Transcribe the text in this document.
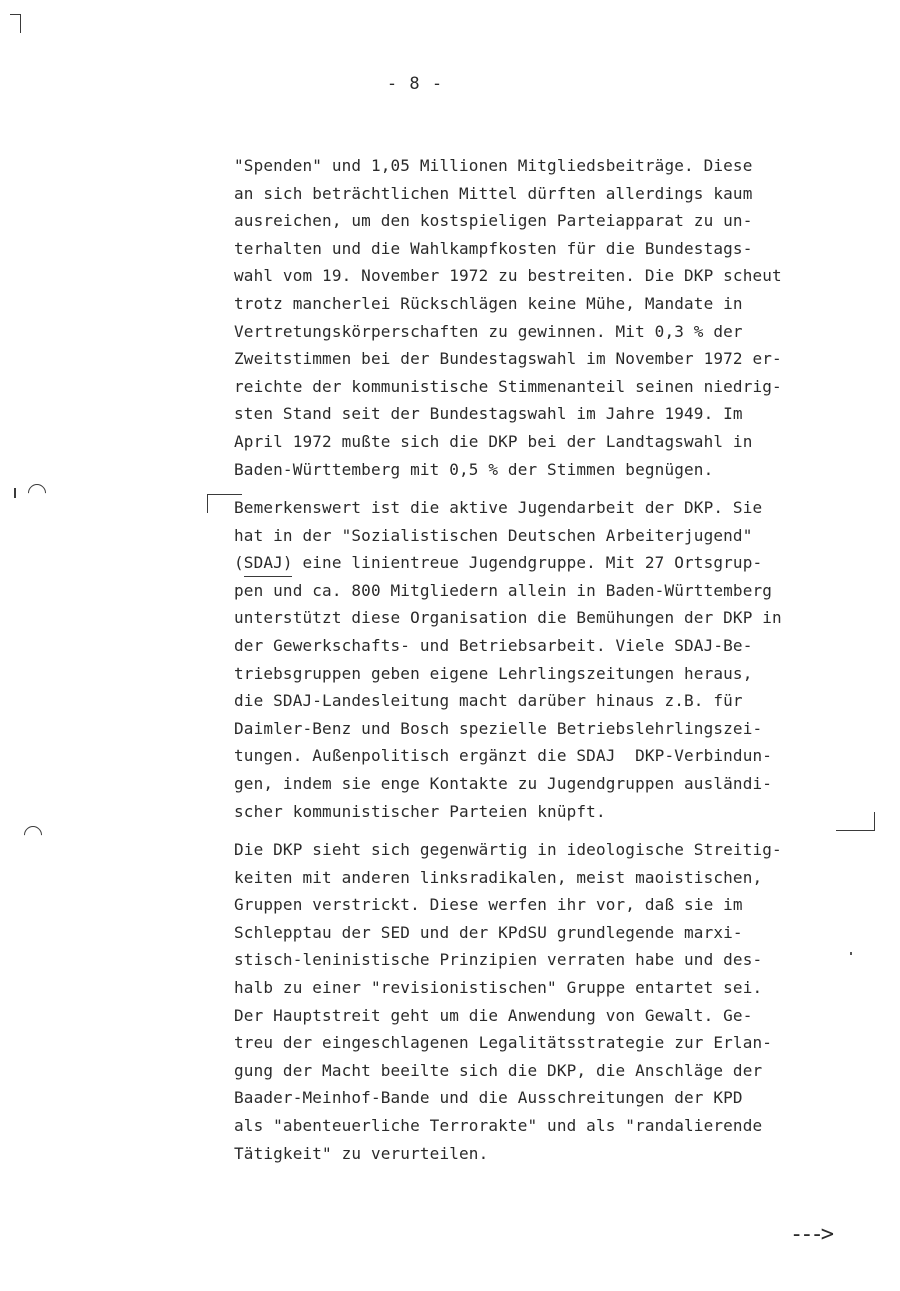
- 8 -
"Spenden" und 1,05 Millionen Mitgliedsbeiträge. Diese
an sich beträchtlichen Mittel dürften allerdings kaum
ausreichen, um den kostspieligen Parteiapparat zu un-
terhalten und die Wahlkampfkosten für die Bundestags-
wahl vom 19. November 1972 zu bestreiten. Die DKP scheut
trotz mancherlei Rückschlägen keine Mühe, Mandate in
Vertretungskörperschaften zu gewinnen. Mit 0,3 % der
Zweitstimmen bei der Bundestagswahl im November 1972 er-
reichte der kommunistische Stimmenanteil seinen niedrig-
sten Stand seit der Bundestagswahl im Jahre 1949. Im
April 1972 mußte sich die DKP bei der Landtagswahl in
Baden-Württemberg mit 0,5 % der Stimmen begnügen.
Bemerkenswert ist die aktive Jugendarbeit der DKP. Sie
hat in der "Sozialistischen Deutschen Arbeiterjugend"
(SDAJ) eine linientreue Jugendgruppe. Mit 27 Ortsgrup-
pen und ca. 800 Mitgliedern allein in Baden-Württemberg
unterstützt diese Organisation die Bemühungen der DKP in
der Gewerkschafts- und Betriebsarbeit. Viele SDAJ-Be-
triebsgruppen geben eigene Lehrlingszeitungen heraus,
die SDAJ-Landesleitung macht darüber hinaus z.B. für
Daimler-Benz und Bosch spezielle Betriebslehrlingszei-
tungen. Außenpolitisch ergänzt die SDAJ  DKP-Verbindun-
gen, indem sie enge Kontakte zu Jugendgruppen ausländi-
scher kommunistischer Parteien knüpft.
Die DKP sieht sich gegenwärtig in ideologische Streitig-
keiten mit anderen linksradikalen, meist maoistischen,
Gruppen verstrickt. Diese werfen ihr vor, daß sie im
Schlepptau der SED und der KPdSU grundlegende marxi-
stisch-leninistische Prinzipien verraten habe und des-
halb zu einer "revisionistischen" Gruppe entartet sei.
Der Hauptstreit geht um die Anwendung von Gewalt. Ge-
treu der eingeschlagenen Legalitätsstrategie zur Erlan-
gung der Macht beeilte sich die DKP, die Anschläge der
Baader-Meinhof-Bande und die Ausschreitungen der KPD
als "abenteuerliche Terrorakte" und als "randalierende
Tätigkeit" zu verurteilen.
--->
